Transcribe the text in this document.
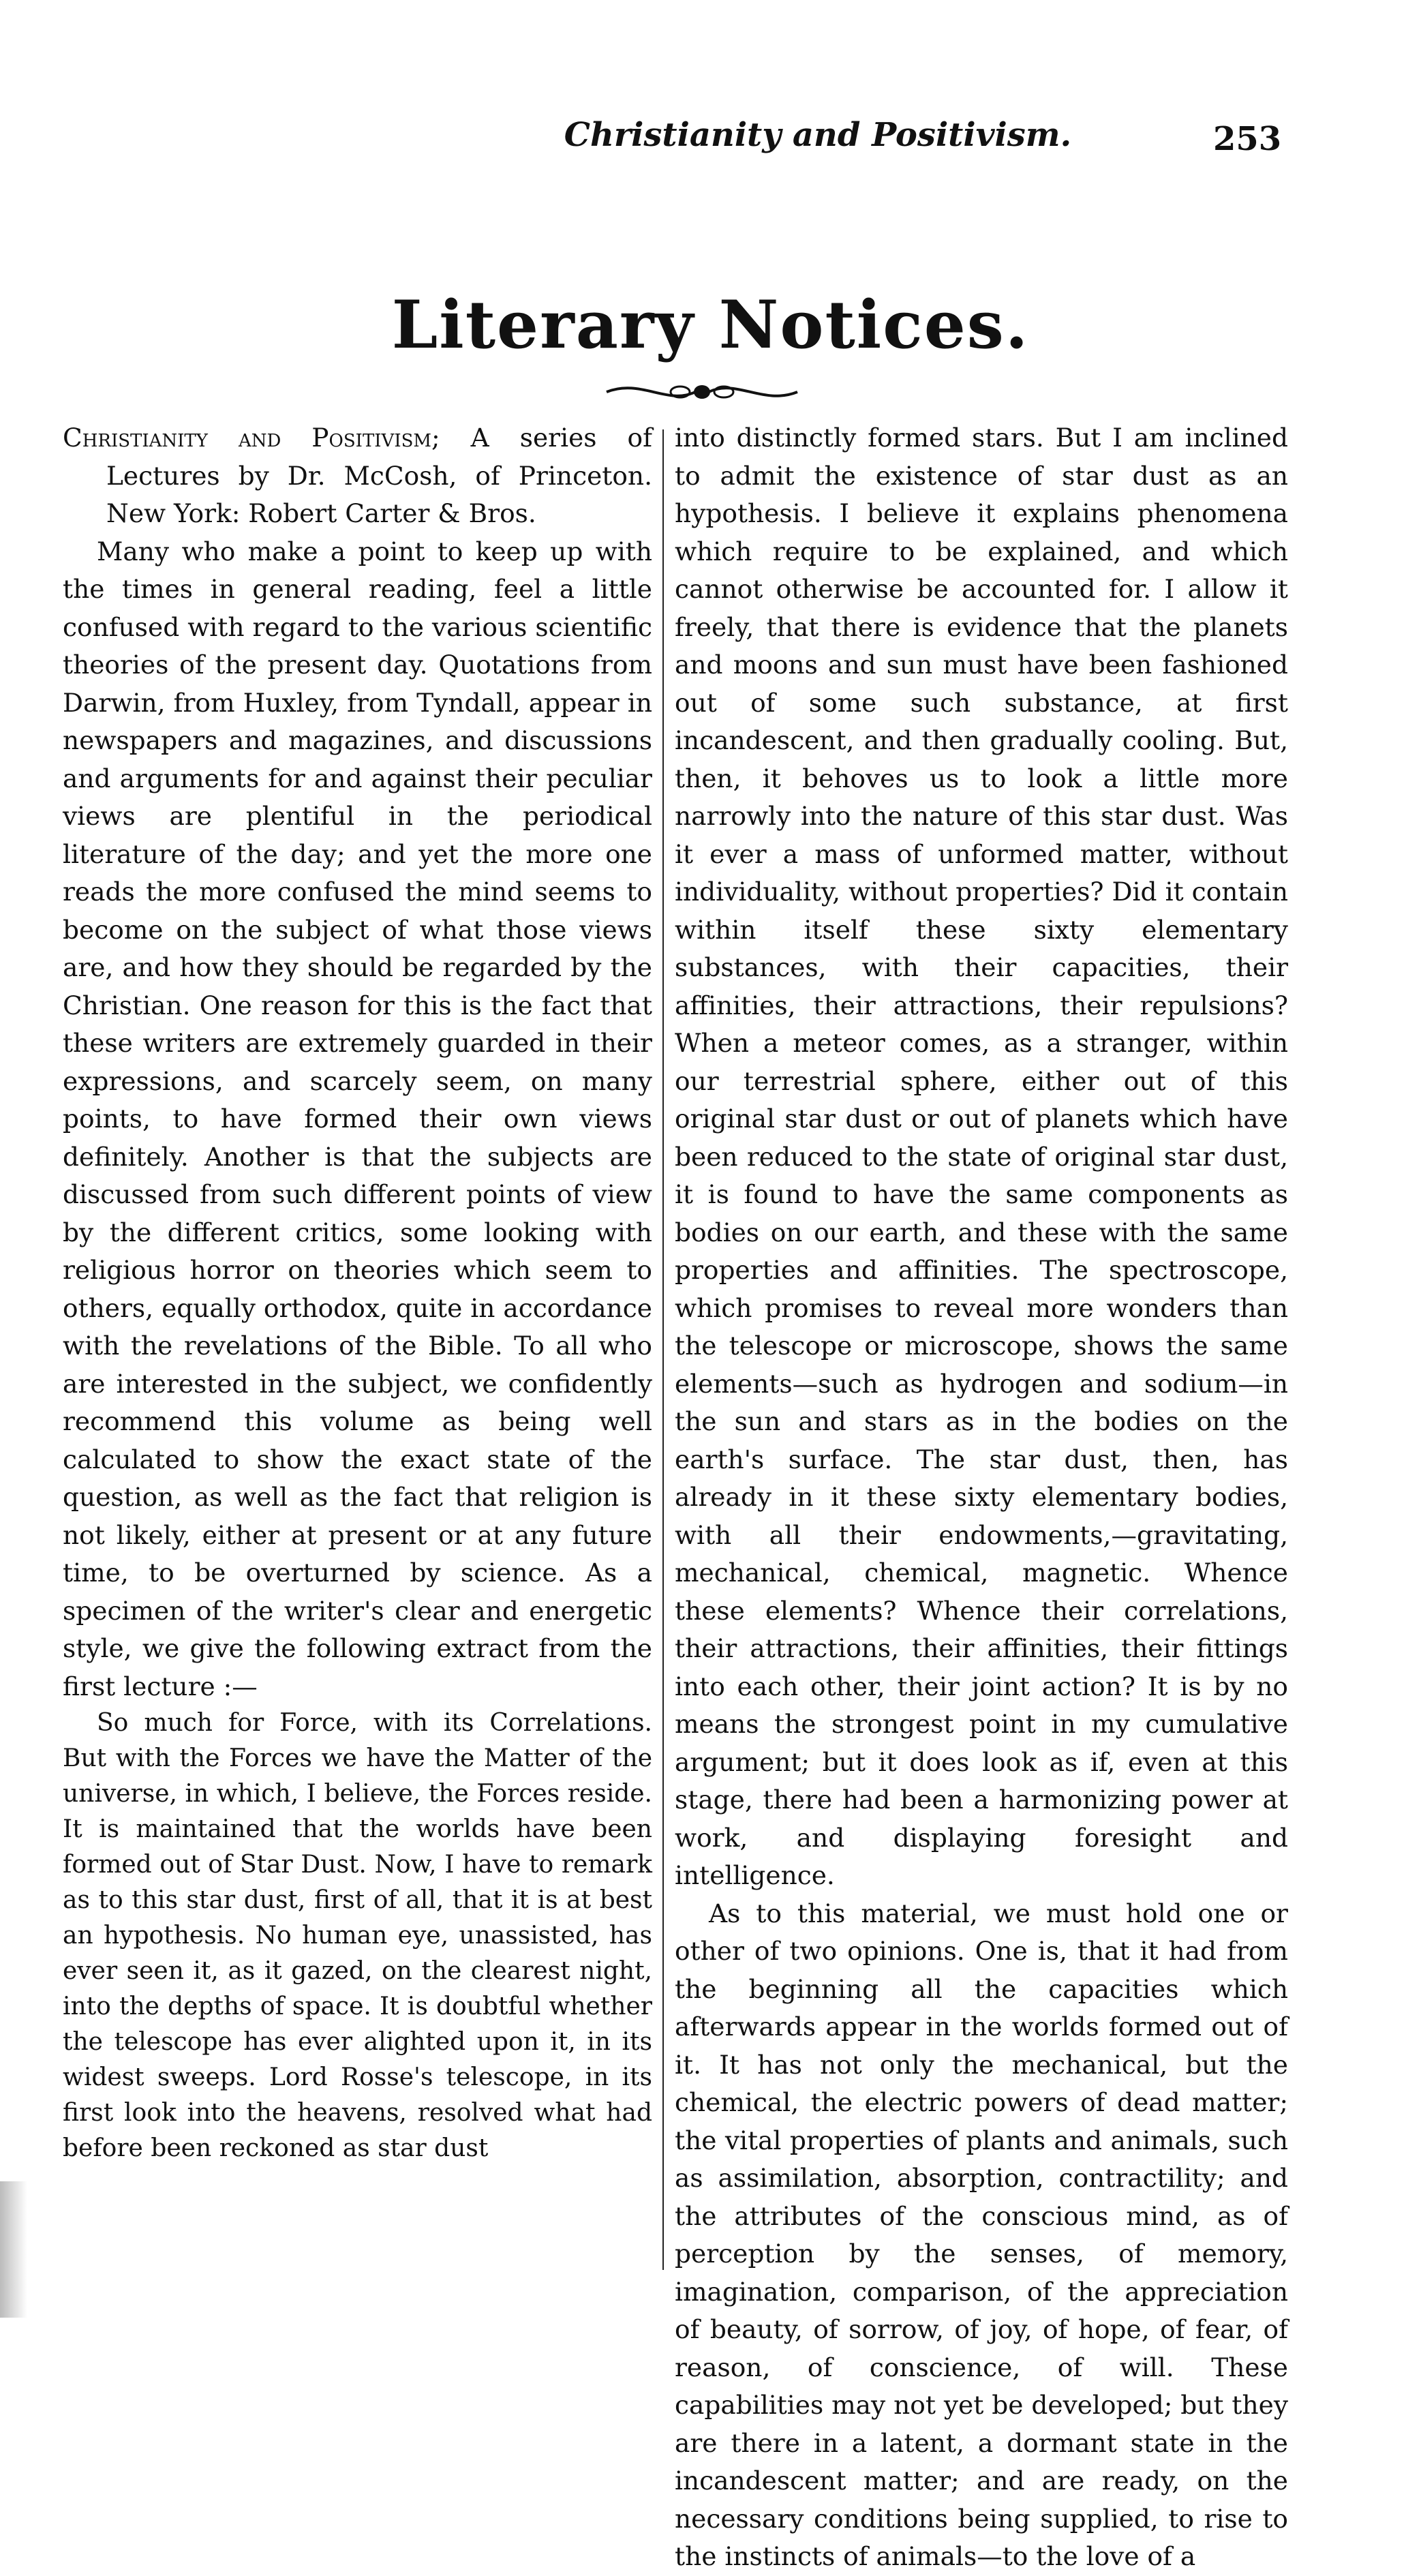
Christianity and Positivism.	253
Literary Notices.

Christianity and Positivism; A series of Lectures by Dr. McCosh, of Princeton. New York: Robert Carter & Bros.

Many who make a point to keep up with the times in general reading, feel a little confused with regard to the various scientific theories of the present day. Quotations from Darwin, from Huxley, from Tyndall, appear in newspapers and magazines, and discussions and arguments for and against their peculiar views are plentiful in the periodical literature of the day; and yet the more one reads the more confused the mind seems to become on the subject of what those views are, and how they should be regarded by the Christian. One reason for this is the fact that these writers are extremely guarded in their expressions, and scarcely seem, on many points, to have formed their own views definitely. Another is that the subjects are discussed from such different points of view by the different critics, some looking with religious horror on theories which seem to others, equally orthodox, quite in accordance with the revelations of the Bible. To all who are interested in the subject, we confidently recommend this volume as being well calculated to show the exact state of the question, as well as the fact that religion is not likely, either at present or at any future time, to be overturned by science. As a specimen of the writer's clear and energetic style, we give the following extract from the first lecture :—

So much for Force, with its Correlations. But with the Forces we have the Matter of the universe, in which, I believe, the Forces reside. It is maintained that the worlds have been formed out of Star Dust. Now, I have to remark as to this star dust, first of all, that it is at best an hypothesis. No human eye, unassisted, has ever seen it, as it gazed, on the clearest night, into the depths of space. It is doubtful whether the telescope has ever alighted upon it, in its widest sweeps. Lord Rosse's telescope, in its first look into the heavens, resolved what had before been reckoned as star dust

into distinctly formed stars. But I am inclined to admit the existence of star dust as an hypothesis. I believe it explains phenomena which require to be explained, and which cannot otherwise be accounted for. I allow it freely, that there is evidence that the planets and moons and sun must have been fashioned out of some such substance, at first incandescent, and then gradually cooling. But, then, it behoves us to look a little more narrowly into the nature of this star dust. Was it ever a mass of unformed matter, without individuality, without properties? Did it contain within itself these sixty elementary substances, with their capacities, their affinities, their attractions, their repulsions? When a meteor comes, as a stranger, within our terrestrial sphere, either out of this original star dust or out of planets which have been reduced to the state of original star dust, it is found to have the same components as bodies on our earth, and these with the same properties and affinities. The spectroscope, which promises to reveal more wonders than the telescope or microscope, shows the same elements—such as hydrogen and sodium—in the sun and stars as in the bodies on the earth's surface. The star dust, then, has already in it these sixty elementary bodies, with all their endowments,—gravitating, mechanical, chemical, magnetic. Whence these elements? Whence their correlations, their attractions, their affinities, their fittings into each other, their joint action? It is by no means the strongest point in my cumulative argument; but it does look as if, even at this stage, there had been a harmonizing power at work, and displaying foresight and intelligence.

As to this material, we must hold one or other of two opinions. One is, that it had from the beginning all the capacities which afterwards appear in the worlds formed out of it. It has not only the mechanical, but the chemical, the electric powers of dead matter; the vital properties of plants and animals, such as assimilation, absorption, contractility; and the attributes of the conscious mind, as of perception by the senses, of memory, imagination, comparison, of the appreciation of beauty, of sorrow, of joy, of hope, of fear, of reason, of conscience, of will. These capabilities may not yet be developed; but they are there in a latent, a dormant state in the incandescent matter; and are ready, on the necessary conditions being supplied, to rise to the instincts of animals—to the love of a
